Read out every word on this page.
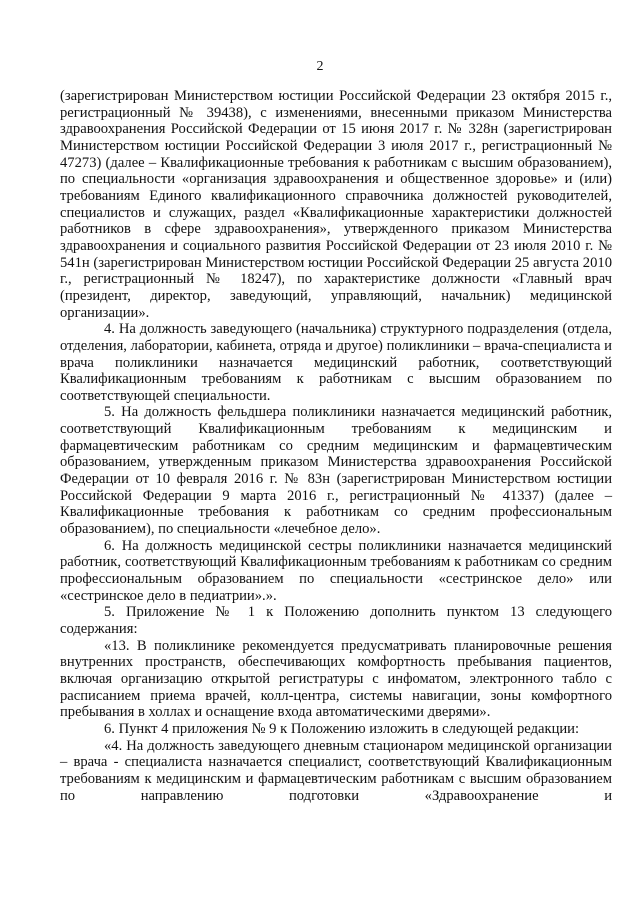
2

(зарегистрирован Министерством юстиции Российской Федерации 23 октября 2015 г., регистрационный № 39438), с изменениями, внесенными приказом Министерства здравоохранения Российской Федерации от 15 июня 2017 г. № 328н (зарегистрирован Министерством юстиции Российской Федерации 3 июля 2017 г., регистрационный № 47273) (далее – Квалификационные требования к работникам с высшим образованием), по специальности «организация здравоохранения и общественное здоровье» и (или) требованиям Единого квалификационного справочника должностей руководителей, специалистов и служащих, раздел «Квалификационные характеристики должностей работников в сфере здравоохранения», утвержденного приказом Министерства здравоохранения и социального развития Российской Федерации от 23 июля 2010 г. № 541н (зарегистрирован Министерством юстиции Российской Федерации 25 августа 2010 г., регистрационный № 18247), по характеристике должности «Главный врач (президент, директор, заведующий, управляющий, начальник) медицинской организации».

4. На должность заведующего (начальника) структурного подразделения (отдела, отделения, лаборатории, кабинета, отряда и другое) поликлиники – врача-специалиста и врача поликлиники назначается медицинский работник, соответствующий Квалификационным требованиям к работникам с высшим образованием по соответствующей специальности.

5. На должность фельдшера поликлиники назначается медицинский работник, соответствующий Квалификационным требованиям к медицинским и фармацевтическим работникам со средним медицинским и фармацевтическим образованием, утвержденным приказом Министерства здравоохранения Российской Федерации от 10 февраля 2016 г. № 83н (зарегистрирован Министерством юстиции Российской Федерации 9 марта 2016 г., регистрационный № 41337) (далее – Квалификационные требования к работникам со средним профессиональным образованием), по специальности «лечебное дело».

6. На должность медицинской сестры поликлиники назначается медицинский работник, соответствующий Квалификационным требованиям к работникам со средним профессиональным образованием по специальности «сестринское дело» или «сестринское дело в педиатрии».».

5. Приложение № 1 к Положению дополнить пунктом 13 следующего содержания:

«13. В поликлинике рекомендуется предусматривать планировочные решения внутренних пространств, обеспечивающих комфортность пребывания пациентов, включая организацию открытой регистратуры с инфоматом, электронного табло с расписанием приема врачей, колл-центра, системы навигации, зоны комфортного пребывания в холлах и оснащение входа автоматическими дверями».

6. Пункт 4 приложения № 9 к Положению изложить в следующей редакции:

«4. На должность заведующего дневным стационаром медицинской организации – врача - специалиста назначается специалист, соответствующий Квалификационным требованиям к медицинским и фармацевтическим работникам с высшим образованием по направлению подготовки «Здравоохранение и
